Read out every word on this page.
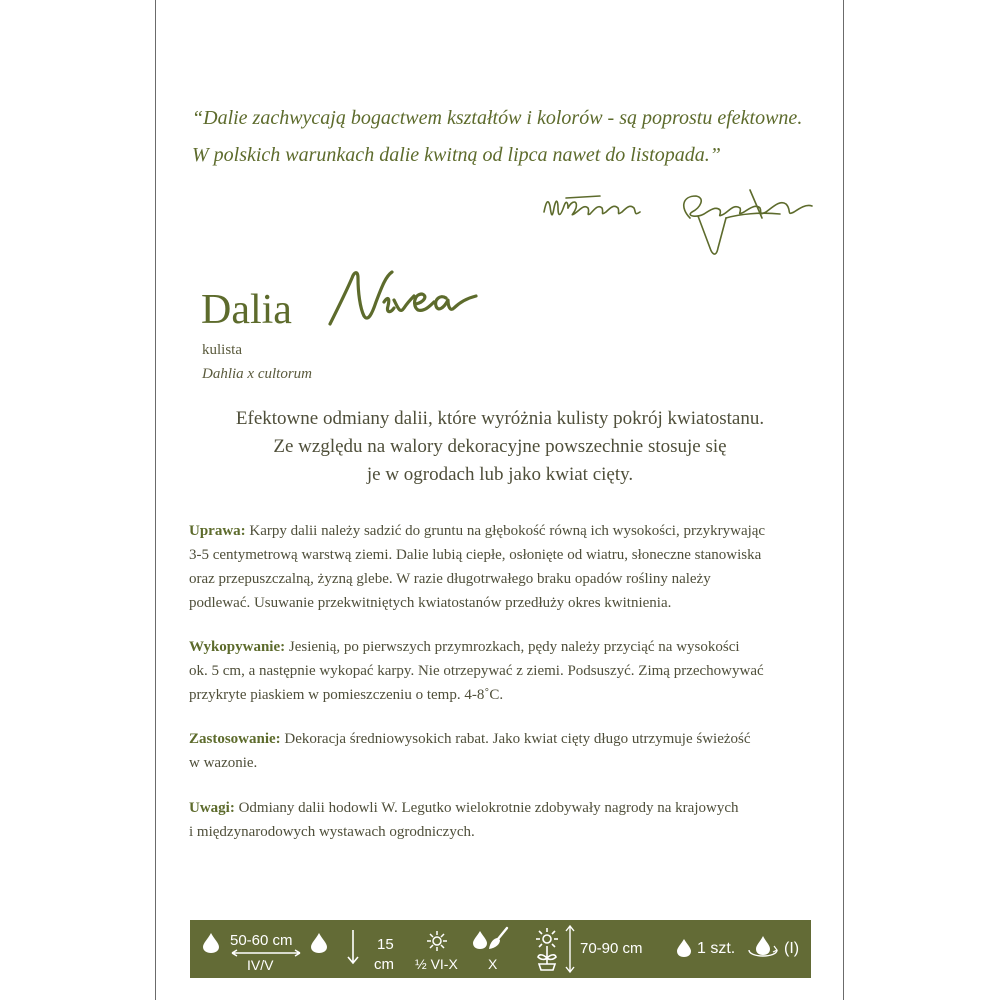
“Dalie zachwycają bogactwem kształtów i kolorów - są poprostu efektowne.
W polskich warunkach dalie kwitną od lipca nawet do listopada.”
Dalia
kulista
Dahlia x cultorum
Efektowne odmiany dalii, które wyróżnia kulisty pokrój kwiatostanu.
Ze względu na walory dekoracyjne powszechnie stosuje się
je w ogrodach lub jako kwiat cięty.
Uprawa: Karpy dalii należy sadzić do gruntu na głębokość równą ich wysokości, przykrywając
3-5 centymetrową warstwą ziemi. Dalie lubią ciepłe, osłonięte od wiatru, słoneczne stanowiska
oraz przepuszczalną, żyzną glebe. W razie długotrwałego braku opadów rośliny należy
podlewać. Usuwanie przekwitniętych kwiatostanów przedłuży okres kwitnienia.
Wykopywanie: Jesienią, po pierwszych przymrozkach, pędy należy przyciąć na wysokości
ok. 5 cm, a następnie wykopać karpy. Nie otrzepywać z ziemi. Podsuszyć. Zimą przechowywać
przykryte piaskiem w pomieszczeniu o temp. 4-8˚C.
Zastosowanie: Dekoracja średniowysokich rabat. Jako kwiat cięty długo utrzymuje świeżość
w wazonie.
Uwagi: Odmiany dalii hodowli W. Legutko wielokrotnie zdobywały nagrody na krajowych
i międzynarodowych wystawach ogrodniczych.
50-60 cm
IV/V
15
cm ½ VI-X X
70-90 cm	1 szt.	(I)
